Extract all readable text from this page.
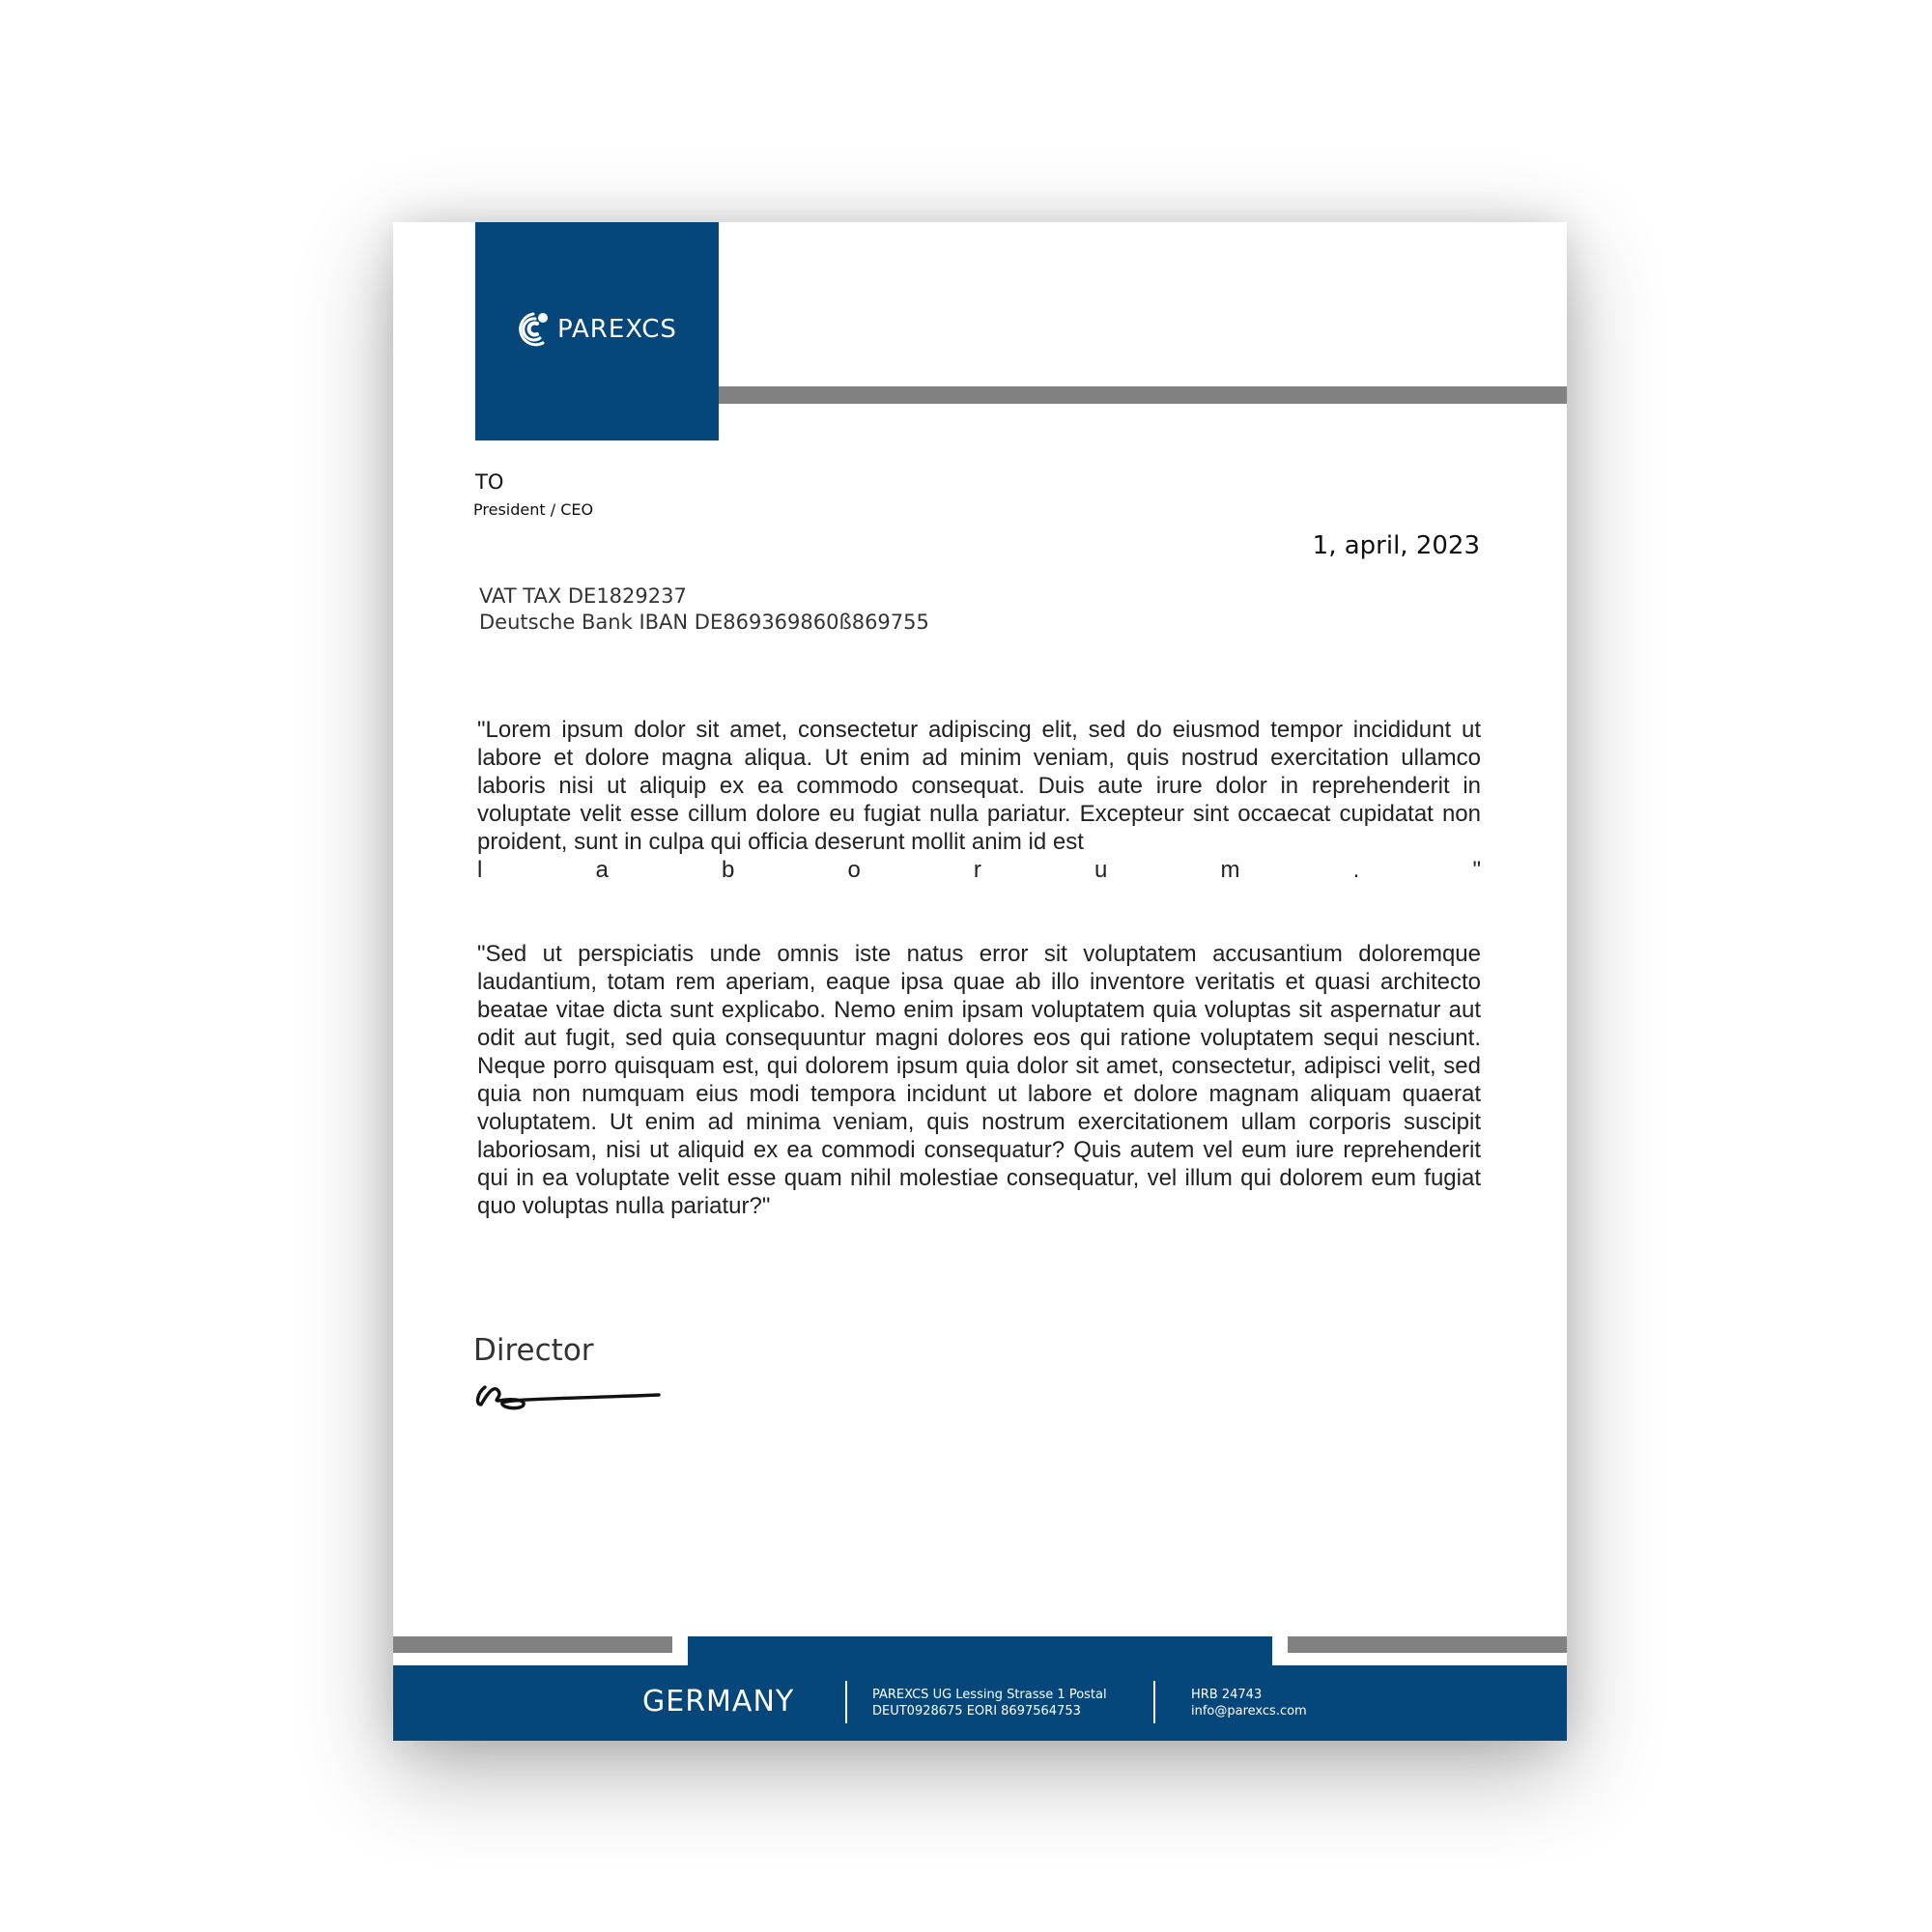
PAREXCS
TO
President / CEO
1, april, 2023
VAT TAX DE1829237
Deutsche Bank IBAN DE869369860ß869755

"Lorem ipsum dolor sit amet, consectetur adipiscing elit, sed do eiusmod tempor incididunt ut labore et dolore magna aliqua. Ut enim ad minim veniam, quis nostrud exercitation ullamco laboris nisi ut aliquip ex ea commodo consequat. Duis aute irure dolor in reprehenderit in voluptate velit esse cillum dolore eu fugiat nulla pariatur. Excepteur sint occaecat cupidatat non proident, sunt in culpa qui officia deserunt mollit anim id est

l	a	b	o	r	u	m	.	"

"Sed ut perspiciatis unde omnis iste natus error sit voluptatem accusantium doloremque laudantium, totam rem aperiam, eaque ipsa quae ab illo inventore veritatis et quasi architecto beatae vitae dicta sunt explicabo. Nemo enim ipsam voluptatem quia voluptas sit aspernatur aut odit aut fugit, sed quia consequuntur magni dolores eos qui ratione voluptatem sequi nesciunt. Neque porro quisquam est, qui dolorem ipsum quia dolor sit amet, consectetur, adipisci velit, sed quia non numquam eius modi tempora incidunt ut labore et dolore magnam aliquam quaerat voluptatem. Ut enim ad minima veniam, quis nostrum exercitationem ullam corporis suscipit laboriosam, nisi ut aliquid ex ea commodi consequatur? Quis autem vel eum iure reprehenderit qui in ea voluptate velit esse quam nihil molestiae consequatur, vel illum qui dolorem eum fugiat quo voluptas nulla pariatur?"

Director
GERMANY	PAREXCS UG Lessing Strasse 1 Postal
DEUT0928675 EORI 8697564753
HRB 24743
info@parexcs.com
